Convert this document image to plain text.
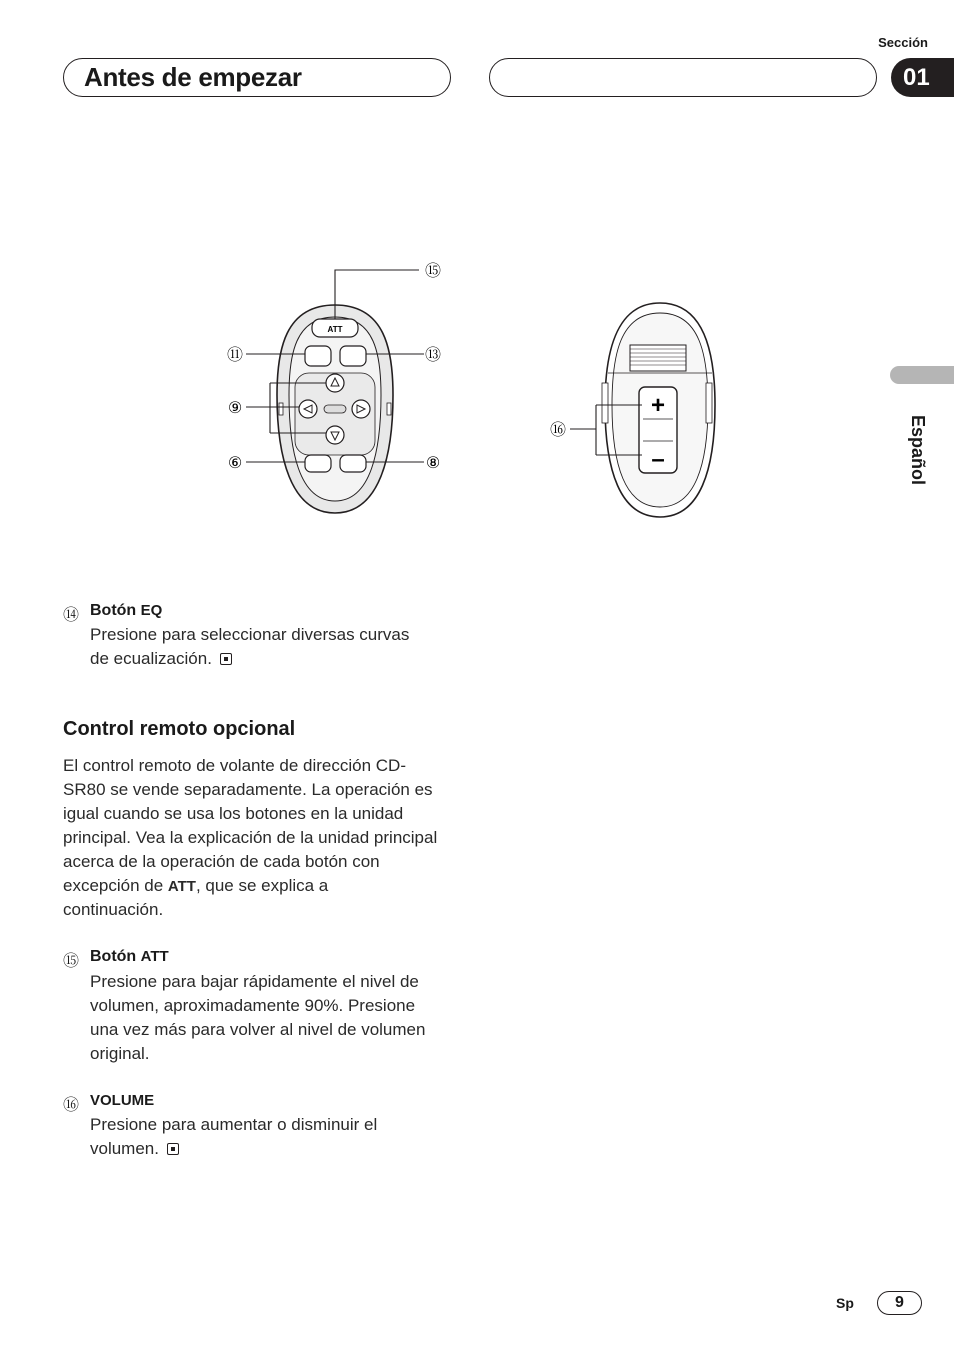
Antes de empezar
Sección
01
Español
ATT
⑮
⑪	⑬
⑨
⑥	⑧
+
–
⑯
⑭ Botón EQ
Presione para seleccionar diversas curvas
de ecualización.
Control remoto opcional
El control remoto de volante de dirección CD-
SR80 se vende separadamente. La operación es
igual cuando se usa los botones en la unidad
principal. Vea la explicación de la unidad principal
acerca de la operación de cada botón con
excepción de ATT, que se explica a
continuación.
⑮ Botón ATT
Presione para bajar rápidamente el nivel de
volumen, aproximadamente 90%. Presione
una vez más para volver al nivel de volumen
original.
⑯ VOLUME
Presione para aumentar o disminuir el
volumen.
Sp	9
